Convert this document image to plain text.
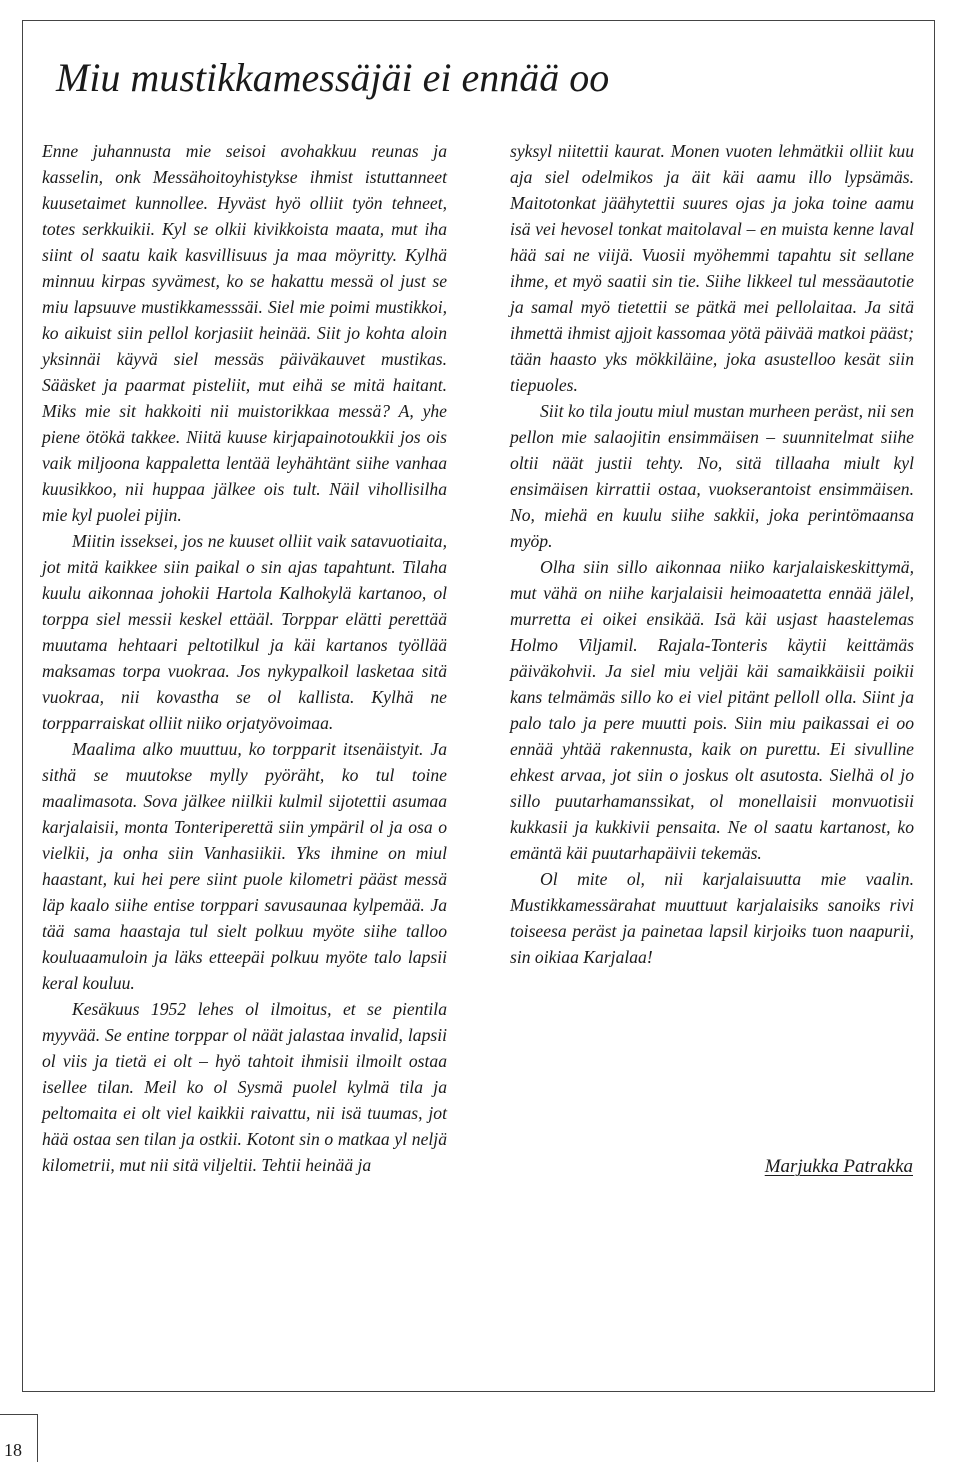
Miu mustikkamessäjäi ei ennää oo

Enne juhannusta mie seisoi avohakkuu reunas ja kasselin, onk Messähoitoyhistykse ihmist istuttanneet kuusetaimet kunnollee. Hyväst hyö olliit työn tehneet, totes serkkuikii. Kyl se olkii kivikkoista maata, mut iha siint ol saatu kaik kasvillisuus ja maa möyritty. Kylhä minnuu kirpas syvämest, ko se hakattu messä ol just se miu lapsuuve mustikkamesssäi. Siel mie poimi mustikkoi, ko aikuist siin pellol korjasiit heinää. Siit jo kohta aloin yksinnäi käyvä siel messäs päiväkauvet mustikas. Sääsket ja paarmat pisteliit, mut eihä se mitä haitant. Miks mie sit hakkoiti nii muistorikkaa messä? A, yhe piene ötökä takkee. Niitä kuuse kirjapainotoukkii jos ois vaik miljoona kappaletta lentää leyhähtänt siihe vanhaa kuusikkoo, nii huppaa jälkee ois tult. Näil vihollisilha mie kyl puolei pijin.

Miitin isseksei, jos ne kuuset olliit vaik satavuotiaita, jot mitä kaikkee siin paikal o sin ajas tapahtunt. Tilaha kuulu aikonnaa johokii Hartola Kalhokylä kartanoo, ol torppa siel messii keskel ettääl. Torppar elätti perettää muutama hehtaari peltotilkul ja käi kartanos työllää maksamas torpa vuokraa. Jos nykypalkoil lasketaa sitä vuokraa, nii kovastha se ol kallista. Kylhä ne torpparraiskat olliit niiko orjatyövoimaa.

Maalima alko muuttuu, ko torpparit itsenäistyit. Ja sithä se muutokse mylly pyöräht, ko tul toine maalimasota. Sova jälkee niilkii kulmil sijotettii asumaa karjalaisii, monta Tonteriperettä siin ympäril ol ja osa o vielkii, ja onha siin Vanhasiikii. Yks ihmine on miul haastant, kui hei pere siint puole kilometri pääst messä läp kaalo siihe entise torppari savusaunaa kylpemää. Ja tää sama haastaja tul sielt polkuu myöte siihe talloo kouluaamuloin ja läks etteepäi polkuu myöte talo lapsii keral kouluu.

Kesäkuus 1952 lehes ol ilmoitus, et se pientila myyvää. Se entine torppar ol näät jalastaa invalid, lapsii ol viis ja tietä ei olt – hyö tahtoit ihmisii ilmoilt ostaa isellee tilan. Meil ko ol Sysmä puolel kylmä tila ja peltomaita ei olt viel kaikkii raivattu, nii isä tuumas, jot hää ostaa sen tilan ja ostkii. Kotont sin o matkaa yl neljä kilometrii, mut nii sitä viljeltii. Tehtii heinää ja

syksyl niitettii kaurat. Monen vuoten lehmätkii olliit kuu aja siel odelmikos ja äit käi aamu illo lypsämäs. Maitotonkat jäähytettii suures ojas ja joka toine aamu isä vei hevosel tonkat maitolaval – en muista kenne laval hää sai ne viijä. Vuosii myöhemmi tapahtu sit sellane ihme, et myö saatii sin tie. Siihe likkeel tul messäautotie ja samal myö tietettii se pätkä mei pellolaitaa. Ja sitä ihmettä ihmist ajjoit kassomaa yötä päivää matkoi pääst; tään haasto yks mökkiläine, joka asustelloo kesät siin tiepuoles.

Siit ko tila joutu miul mustan murheen peräst, nii sen pellon mie salaojitin ensimmäisen – suunnitelmat siihe oltii näät justii tehty. No, sitä tillaaha miult kyl ensimäisen kirrattii ostaa, vuokserantoist ensimmäisen. No, miehä en kuulu siihe sakkii, joka perintömaansa myöp.

Olha siin sillo aikonnaa niiko karjalaiskeskittymä, mut vähä on niihe karjalaisii heimoaatetta ennää jälel, murretta ei oikei ensikää. Isä käi usjast haastelemas Holmo Viljamil. Rajala-Tonteris käytii keittämäs päiväkohvii. Ja siel miu veljäi käi samaikkäisii poikii kans telmämäs sillo ko ei viel pitänt pelloll olla. Siint ja palo talo ja pere muutti pois. Siin miu paikassai ei oo ennää yhtää rakennusta, kaik on purettu. Ei sivulline ehkest arvaa, jot siin o joskus olt asutosta. Sielhä ol jo sillo puutarhamanssikat, ol monellaisii monvuotisii kukkasii ja kukkivii pensaita. Ne ol saatu kartanost, ko emäntä käi puutarhapäivii tekemäs.

Ol mite ol, nii karjalaisuutta mie vaalin. Mustikkamessärahat muuttuut karjalaisiks sanoiks rivi toiseesa peräst ja painetaa lapsil kirjoiks tuon naapurii, sin oikiaa Karjalaa!

Marjukka Patrakka
18
